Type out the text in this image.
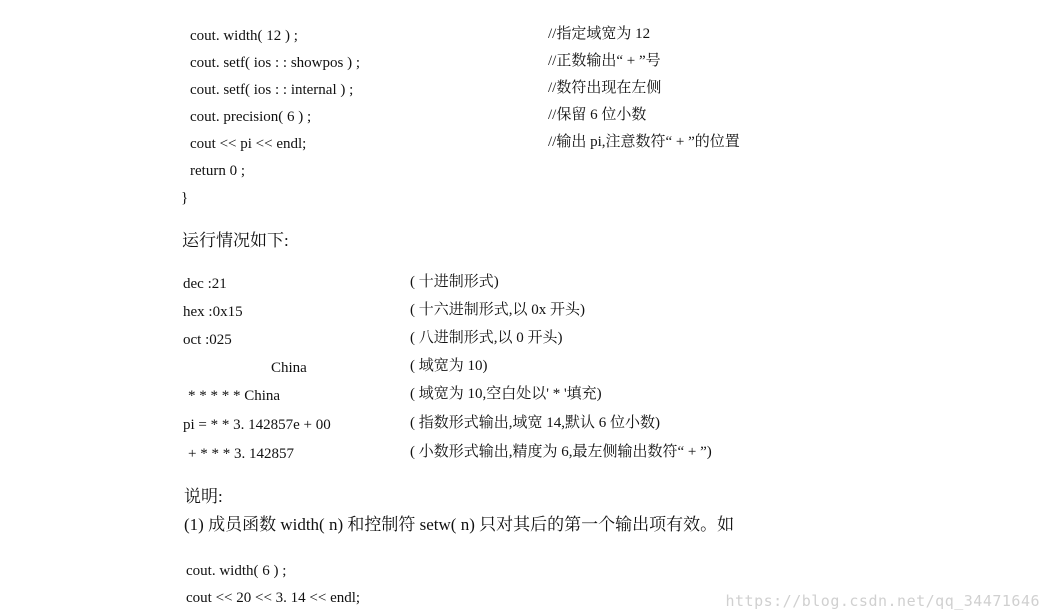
cout. width( 12 ) ;	//指定域宽为 12
cout. setf( ios : : showpos ) ;	//正数输出“ + ”号
cout. setf( ios : : internal ) ;	//数符出现在左侧
cout. precision( 6 ) ;	//保留 6 位小数
cout << pi << endl;	//输出 pi,注意数符“ + ”的位置
return 0 ;
}
运行情况如下:
dec :21	( 十进制形式)
hex :0x15	( 十六进制形式,以 0x 开头)
oct :025	( 八进制形式,以 0 开头)
China	( 域宽为 10)
* * * * * China	( 域宽为 10,空白处以' * '填充)
pi = * * 3. 142857e + 00	( 指数形式输出,域宽 14,默认 6 位小数)
+ * * * 3. 142857	( 小数形式输出,精度为 6,最左侧输出数符“ + ”)
说明:
(1) 成员函数 width( n) 和控制符 setw( n) 只对其后的第一个输出项有效。如
cout. width( 6 ) ;
cout << 20 << 3. 14 << endl;	https://blog.csdn.net/qq_34471646
